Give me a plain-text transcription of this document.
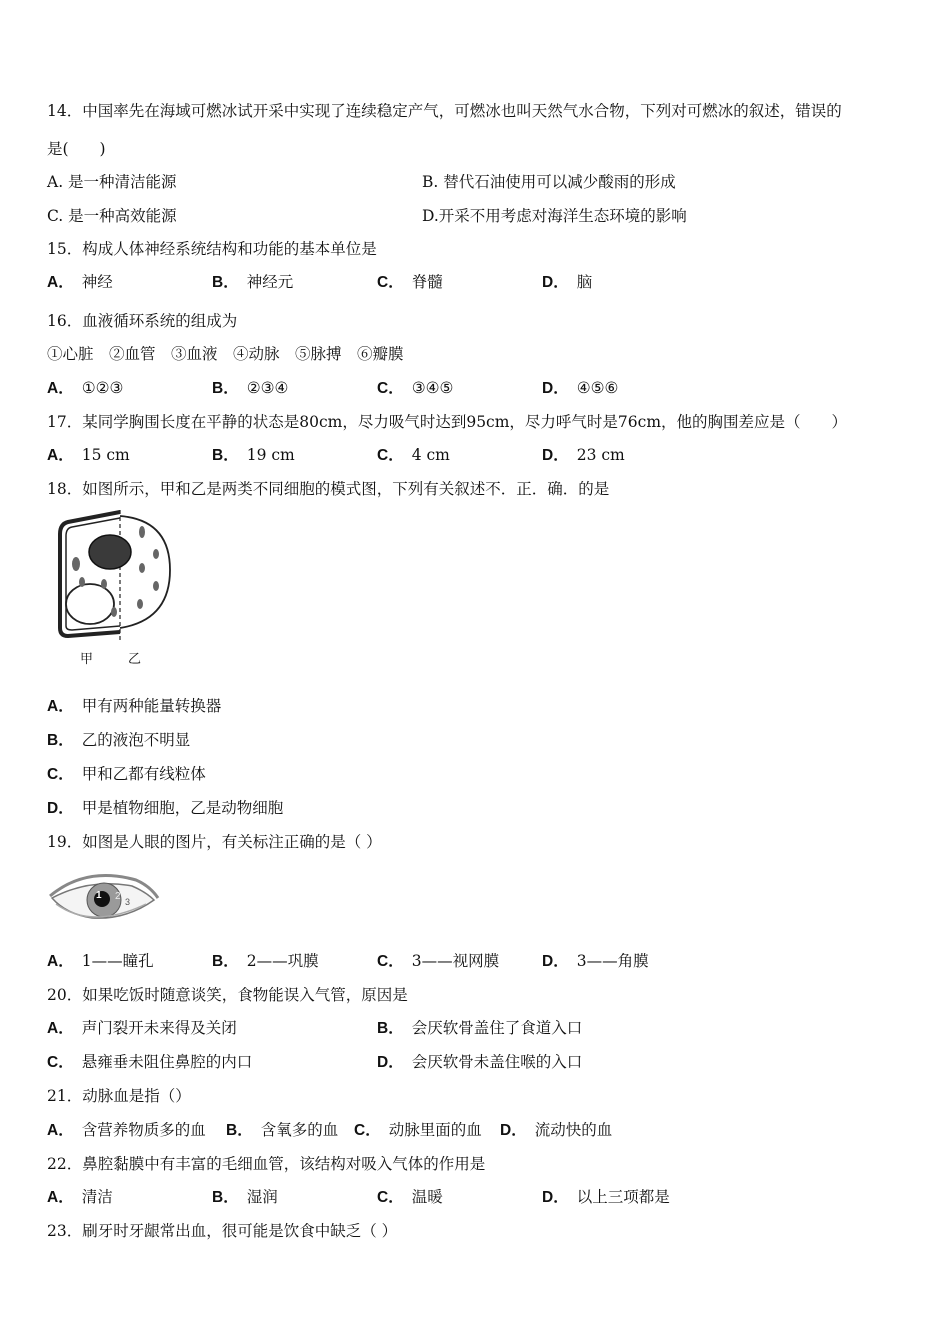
14．中国率先在海域可燃冰试开采中实现了连续稳定产气，可燃冰也叫天然气水合物，下列对可燃冰的叙述，错误的
是(　　)
A. 是一种清洁能源	B. 替代石油使用可以减少酸雨的形成
C. 是一种高效能源	D.开采不用考虑对海洋生态环境的影响
15．构成人体神经系统结构和功能的基本单位是
A． 神经	B． 神经元	C． 脊髓	D． 脑
16．血液循环系统的组成为
①心脏　②血管　③血液　④动脉　⑤脉搏　⑥瓣膜
A． ①②③	B． ②③④	C． ③④⑤	D． ④⑤⑥
17．某同学胸围长度在平静的状态是80cm，尽力吸气时达到95cm，尽力呼气时是76cm，他的胸围差应是（　　）
A． 15 cm	B． 19 cm	C． 4 cm	D． 23 cm
18．如图所示，甲和乙是两类不同细胞的模式图，下列有关叙述不．正．确．的是
甲	乙
A． 甲有两种能量转换器
B． 乙的液泡不明显
C． 甲和乙都有线粒体
D． 甲是植物细胞，乙是动物细胞
19．如图是人眼的图片，有关标注正确的是（ ）
1 2 3
A． 1——瞳孔	B． 2——巩膜	C． 3——视网膜	D． 3——角膜
20．如果吃饭时随意谈笑，食物能误入气管，原因是
A． 声门裂开未来得及关闭	B． 会厌软骨盖住了食道入口
C． 悬雍垂未阻住鼻腔的内口	D． 会厌软骨未盖住喉的入口
21．动脉血是指（）
A． 含营养物质多的血 B． 含氧多的血 C． 动脉里面的血 D． 流动快的血
22．鼻腔黏膜中有丰富的毛细血管，该结构对吸入气体的作用是
A． 清洁	B． 湿润	C． 温暖	D． 以上三项都是
23．刷牙时牙龈常出血，很可能是饮食中缺乏（ ）
